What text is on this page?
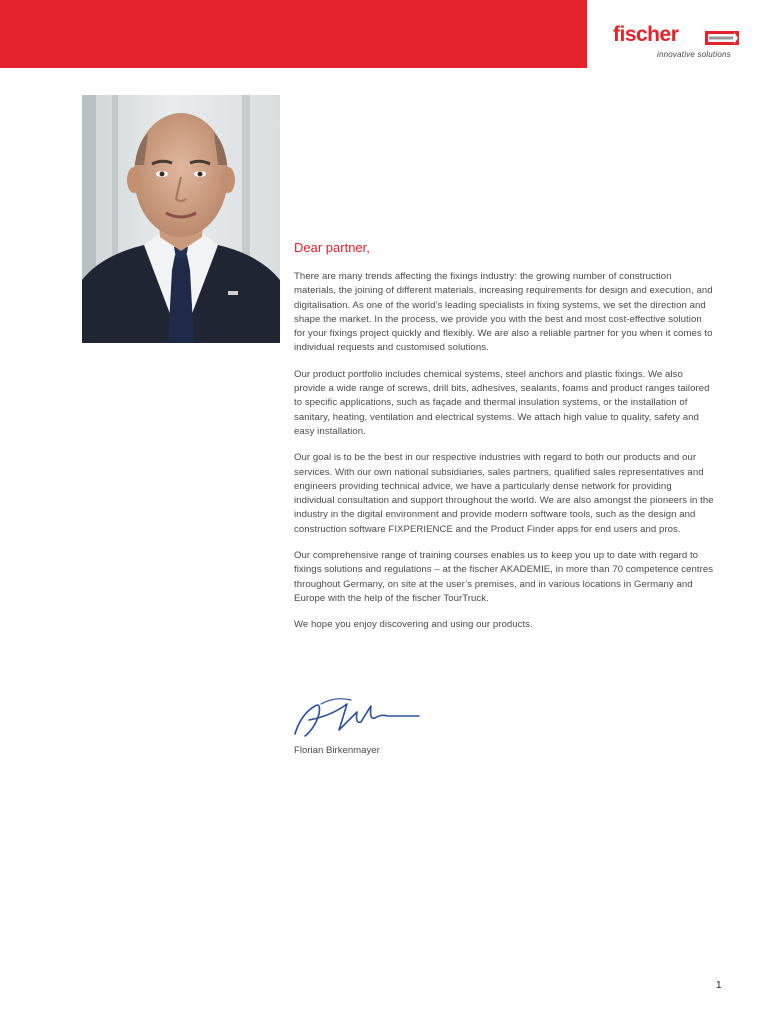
fischer
innovative solutions

Dear partner,

There are many trends affecting the fixings industry: the growing number of construction materials, the joining of different materials, increasing requirements for design and execution, and digitalisation. As one of the world’s leading specialists in fixing systems, we set the direction and shape the market. In the process, we provide you with the best and most cost-effective solution for your fixings project quickly and flexibly. We are also a reliable partner for you when it comes to individual requests and customised solutions.

Our product portfolio includes chemical systems, steel anchors and plastic fixings. We also provide a wide range of screws, drill bits, adhesives, sealants, foams and product ranges tailored to specific applications, such as façade and thermal insulation systems, or the installation of sanitary, heating, ventilation and electrical systems. We attach high value to quality, safety and easy installation.

Our goal is to be the best in our respective industries with regard to both our products and our services. With our own national subsidiaries, sales partners, qualified sales representatives and engineers providing technical advice, we have a particularly dense network for providing individual consultation and support throughout the world. We are also amongst the pioneers in the industry in the digital environment and provide modern software tools, such as the design and construction software FIXPERIENCE and the Product Finder apps for end users and pros.

Our comprehensive range of training courses enables us to keep you up to date with regard to fixings solutions and regulations – at the fischer AKADEMIE, in more than 70 competence centres throughout Germany, on site at the user’s premises, and in various locations in Germany and Europe with the help of the fischer TourTruck.

We hope you enjoy discovering and using our products.

Florian Birkenmayer
1
